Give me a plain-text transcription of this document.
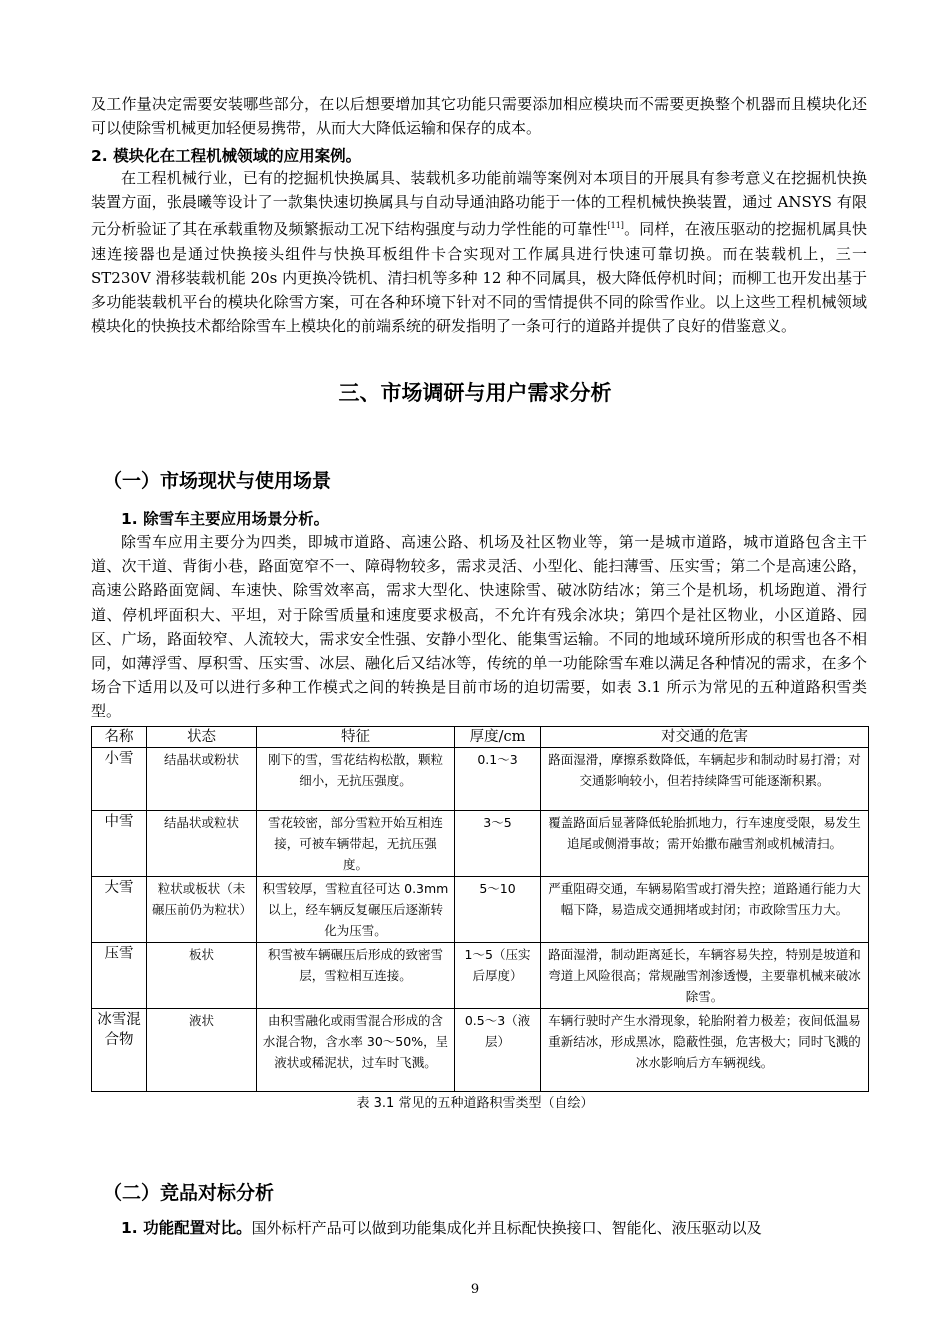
及工作量决定需要安装哪些部分，在以后想要增加其它功能只需要添加相应模块而不需要更换整个机器而且模块化还可以使除雪机械更加轻便易携带，从而大大降低运输和保存的成本。

2. 模块化在工程机械领域的应用案例。

在工程机械行业，已有的挖掘机快换属具、装载机多功能前端等案例对本项目的开展具有参考意义在挖掘机快换装置方面，张晨曦等设计了一款集快速切换属具与自动导通油路功能于一体的工程机械快换装置，通过 ANSYS 有限元分析验证了其在承载重物及频繁振动工况下结构强度与动力学性能的可靠性[11]。同样，在液压驱动的挖掘机属具快速连接器也是通过快换接头组件与快换耳板组件卡合实现对工作属具进行快速可靠切换。而在装载机上，三一 ST230V 滑移装载机能 20s 内更换冷铣机、清扫机等多种 12 种不同属具，极大降低停机时间；而柳工也开发出基于多功能装载机平台的模块化除雪方案，可在各种环境下针对不同的雪情提供不同的除雪作业。以上这些工程机械领域模块化的快换技术都给除雪车上模块化的前端系统的研发指明了一条可行的道路并提供了良好的借鉴意义。

三、市场调研与用户需求分析

（一）市场现状与使用场景

1. 除雪车主要应用场景分析。

除雪车应用主要分为四类，即城市道路、高速公路、机场及社区物业等，第一是城市道路，城市道路包含主干道、次干道、背街小巷，路面宽窄不一、障碍物较多，需求灵活、小型化、能扫薄雪、压实雪；第二个是高速公路，高速公路路面宽阔、车速快、除雪效率高，需求大型化、快速除雪、破冰防结冰；第三个是机场，机场跑道、滑行道、停机坪面积大、平坦，对于除雪质量和速度要求极高，不允许有残余冰块；第四个是社区物业，小区道路、园区、广场，路面较窄、人流较大，需求安全性强、安静小型化、能集雪运输。不同的地域环境所形成的积雪也各不相同，如薄浮雪、厚积雪、压实雪、冰层、融化后又结冰等，传统的单一功能除雪车难以满足各种情况的需求，在多个场合下适用以及可以进行多种工作模式之间的转换是目前市场的迫切需要，如表 3.1 所示为常见的五种道路积雪类型。

名称	状态	特征	厚度/cm	对交通的危害
小雪	结晶状或粉状	刚下的雪，雪花结构松散，颗粒细小，无抗压强度。	0.1～3	路面湿滑，摩擦系数降低，车辆起步和制动时易打滑；对交通影响较小，但若持续降雪可能逐渐积累。
中雪	结晶状或粒状	雪花较密，部分雪粒开始互相连接，可被车辆带起，无抗压强度。	3～5	覆盖路面后显著降低轮胎抓地力，行车速度受限，易发生追尾或侧滑事故；需开始撒布融雪剂或机械清扫。
大雪	粒状或板状（未碾压前仍为粒状）	积雪较厚，雪粒直径可达 0.3mm 以上，经车辆反复碾压后逐渐转化为压雪。	5～10	严重阻碍交通，车辆易陷雪或打滑失控；道路通行能力大幅下降，易造成交通拥堵或封闭；市政除雪压力大。
压雪	板状	积雪被车辆碾压后形成的致密雪层，雪粒相互连接。	1～5（压实后厚度）	路面湿滑，制动距离延长，车辆容易失控，特别是坡道和弯道上风险很高；常规融雪剂渗透慢，主要靠机械来破冰除雪。
冰雪混合物	液状	由积雪融化或雨雪混合形成的含水混合物，含水率 30～50%，呈液状或稀泥状，过车时飞溅。	0.5～3（液层）	车辆行驶时产生水滑现象，轮胎附着力极差；夜间低温易重新结冰，形成黑冰，隐蔽性强，危害极大；同时飞溅的冰水影响后方车辆视线。

表 3.1 常见的五种道路积雪类型（自绘）

（二）竞品对标分析

1. 功能配置对比。国外标杆产品可以做到功能集成化并且标配快换接口、智能化、液压驱动以及

9
